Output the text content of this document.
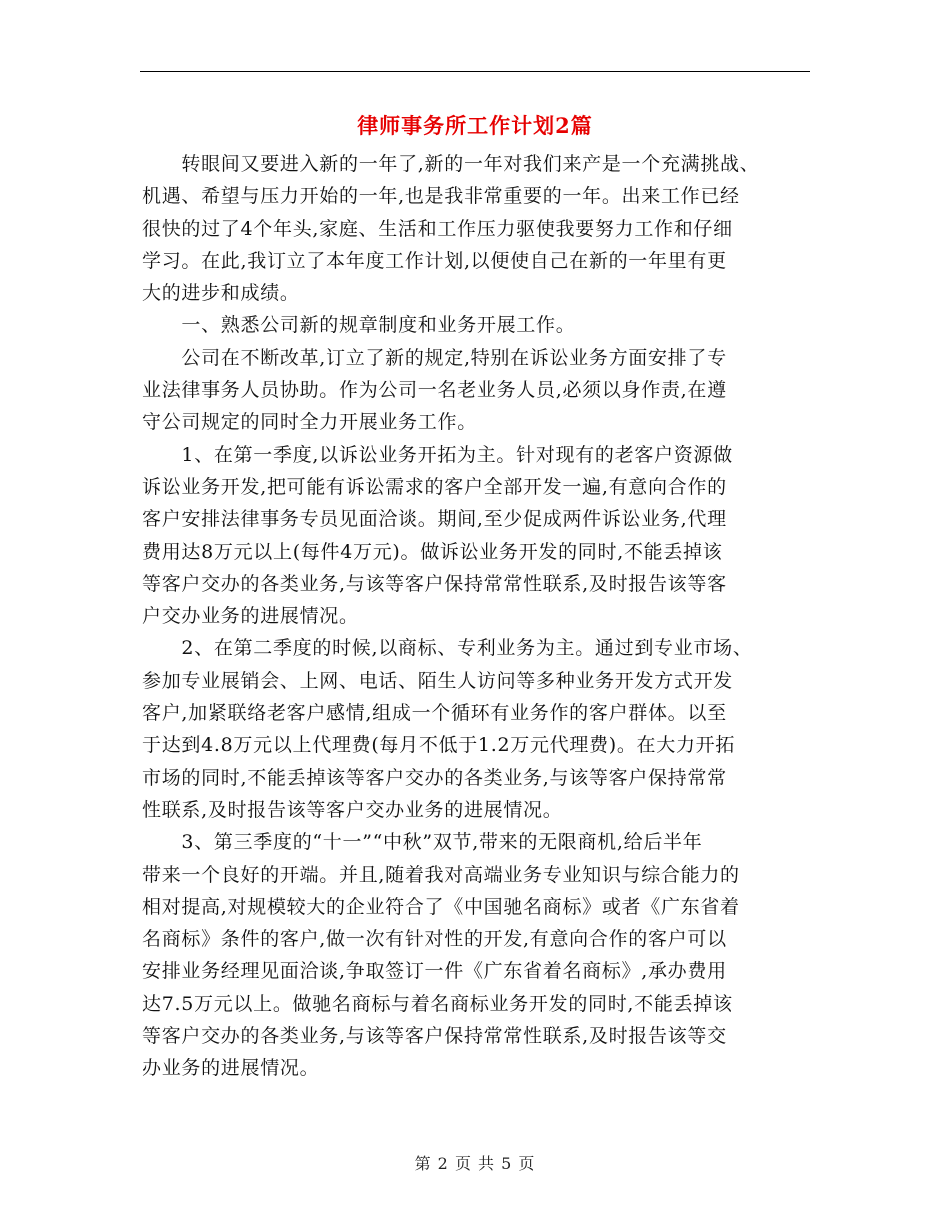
律师事务所工作计划2篇
　　转眼间又要进入新的一年了,新的一年对我们来产是一个充满挑战、
机遇、希望与压力开始的一年,也是我非常重要的一年。出来工作已经
很快的过了4个年头,家庭、生活和工作压力驱使我要努力工作和仔细
学习。在此,我订立了本年度工作计划,以便使自己在新的一年里有更
大的进步和成绩。
　　一、熟悉公司新的规章制度和业务开展工作。
　　公司在不断改革,订立了新的规定,特别在诉讼业务方面安排了专
业法律事务人员协助。作为公司一名老业务人员,必须以身作责,在遵
守公司规定的同时全力开展业务工作。
　　1、在第一季度,以诉讼业务开拓为主。针对现有的老客户资源做
诉讼业务开发,把可能有诉讼需求的客户全部开发一遍,有意向合作的
客户安排法律事务专员见面洽谈。期间,至少促成两件诉讼业务,代理
费用达8万元以上(每件4万元)。做诉讼业务开发的同时,不能丢掉该
等客户交办的各类业务,与该等客户保持常常性联系,及时报告该等客
户交办业务的进展情况。
　　2、在第二季度的时候,以商标、专利业务为主。通过到专业市场、
参加专业展销会、上网、电话、陌生人访问等多种业务开发方式开发
客户,加紧联络老客户感情,组成一个循环有业务作的客户群体。以至
于达到4.8万元以上代理费(每月不低于1.2万元代理费)。在大力开拓
市场的同时,不能丢掉该等客户交办的各类业务,与该等客户保持常常
性联系,及时报告该等客户交办业务的进展情况。
　　3、第三季度的“十一”“中秋”双节,带来的无限商机,给后半年
带来一个良好的开端。并且,随着我对高端业务专业知识与综合能力的
相对提高,对规模较大的企业符合了《中国驰名商标》或者《广东省着
名商标》条件的客户,做一次有针对性的开发,有意向合作的客户可以
安排业务经理见面洽谈,争取签订一件《广东省着名商标》,承办费用
达7.5万元以上。做驰名商标与着名商标业务开发的同时,不能丢掉该
等客户交办的各类业务,与该等客户保持常常性联系,及时报告该等交
办业务的进展情况。
第 2 页 共 5 页
